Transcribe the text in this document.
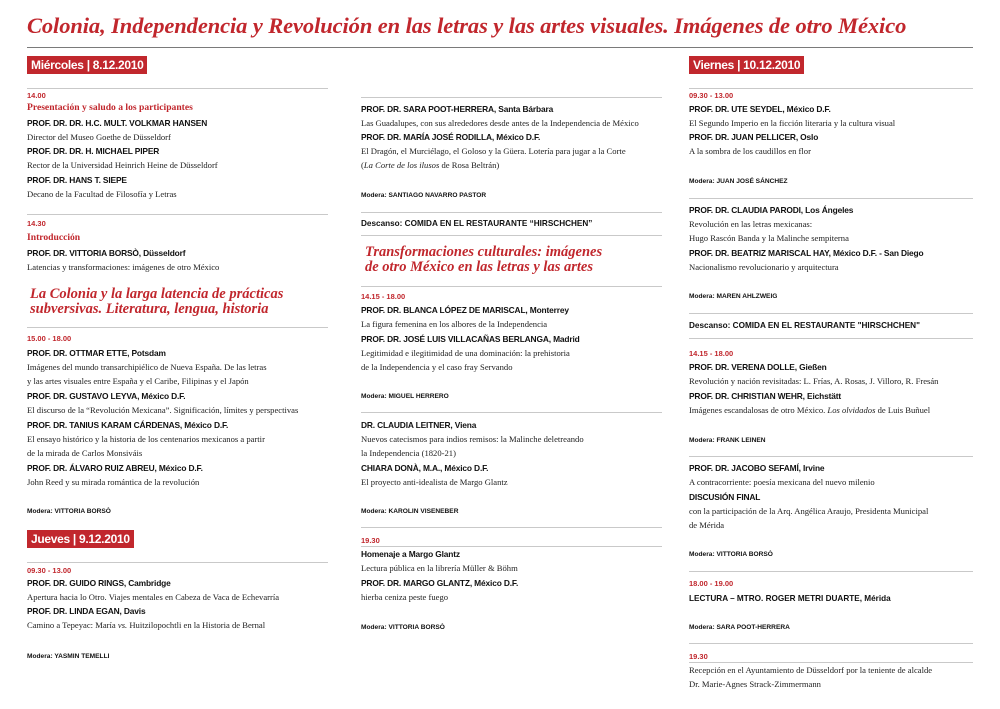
Colonia, Independencia y Revolución en las letras y las artes visuales. Imágenes de otro México
Miércoles | 8.12.2010
14.00
Presentación y saludo a los participantes
PROF. DR. DR. H.C. MULT. VOLKMAR HANSEN
Director del Museo Goethe de Düsseldorf
PROF. DR. DR. H. MICHAEL PIPER
Rector de la Universidad Heinrich Heine de Düsseldorf
PROF. DR. HANS T. SIEPE
Decano de la Facultad de Filosofía y Letras
14.30
Introducción
PROF. DR. VITTORIA BORSÒ, Düsseldorf
Latencias y transformaciones: imágenes de otro México
La Colonia y la larga latencia de prácticas
subversivas. Literatura, lengua, historia
15.00 - 18.00
PROF. DR. OTTMAR ETTE, Potsdam
Imágenes del mundo transarchipiélico de Nueva España. De las letras
y las artes visuales entre España y el Caribe, Filipinas y el Japón
PROF. DR. GUSTAVO LEYVA, México D.F.
El discurso de la “Revolución Mexicana”. Significación, límites y perspectivas
PROF. DR. TANIUS KARAM CÁRDENAS, México D.F.
El ensayo histórico y la historia de los centenarios mexicanos a partir
de la mirada de Carlos Monsiváis
PROF. DR. ÁLVARO RUIZ ABREU, México D.F.
John Reed y su mirada romántica de la revolución
Modera: VITTORIA BORSÒ
Jueves | 9.12.2010
09.30 - 13.00
PROF. DR. GUIDO RINGS, Cambridge
Apertura hacia lo Otro. Viajes mentales en Cabeza de Vaca de Echevarría
PROF. DR. LINDA EGAN, Davis
Camino a Tepeyac: María vs. Huitzilopochtli en la Historia de Bernal
Modera: YASMIN TEMELLI
PROF. DR. SARA POOT-HERRERA, Santa Bárbara
Las Guadalupes, con sus alrededores desde antes de la Independencia de México
PROF. DR. MARÍA JOSÉ RODILLA, México D.F.
El Dragón, el Murciélago, el Goloso y la Güera. Lotería para jugar a la Corte
(La Corte de los ilusos de Rosa Beltrán)
Modera: SANTIAGO NAVARRO PASTOR
Descanso: COMIDA EN EL RESTAURANTE “HIRSCHCHEN”
Transformaciones culturales: imágenes
de otro México en las letras y las artes
14.15 - 18.00
PROF. DR. BLANCA LÓPEZ DE MARISCAL, Monterrey
La figura femenina en los albores de la Independencia
PROF. DR. JOSÉ LUIS VILLACAÑAS BERLANGA, Madrid
Legitimidad e ilegitimidad de una dominación: la prehistoria
de la Independencia y el caso fray Servando
Modera: MIGUEL HERRERO
DR. CLAUDIA LEITNER, Viena
Nuevos catecismos para indios remisos: la Malinche deletreando
la Independencia (1820-21)
CHIARA DONÀ, M.A., México D.F.
El proyecto anti-idealista de Margo Glantz
Modera: KAROLIN VISENEBER
19.30
Homenaje a Margo Glantz
Lectura pública en la librería Müller & Böhm
PROF. DR. MARGO GLANTZ, México D.F.
hierba ceniza peste fuego
Modera: VITTORIA BORSÒ
Viernes | 10.12.2010
09.30 - 13.00
PROF. DR. UTE SEYDEL, México D.F.
El Segundo Imperio en la ficción literaria y la cultura visual
PROF. DR. JUAN PELLICER, Oslo
A la sombra de los caudillos en flor
Modera: JUAN JOSÉ SÁNCHEZ
PROF. DR. CLAUDIA PARODI, Los Ángeles
Revolución en las letras mexicanas:
Hugo Rascón Banda y la Malinche sempiterna
PROF. DR. BEATRIZ MARISCAL HAY, México D.F. - San Diego
Nacionalismo revolucionario y arquitectura
Modera: MAREN AHLZWEIG
Descanso: COMIDA EN EL RESTAURANTE "HIRSCHCHEN"
14.15 - 18.00
PROF. DR. VERENA DOLLE, Gießen
Revolución y nación revisitadas: L. Frías, A. Rosas, J. Villoro, R. Fresán
PROF. DR. CHRISTIAN WEHR, Eichstätt
Imágenes escandalosas de otro México. Los olvidados de Luis Buñuel
Modera: FRANK LEINEN
PROF. DR. JACOBO SEFAMÍ, Irvine
A contracorriente: poesía mexicana del nuevo milenio
DISCUSIÓN FINAL
con la participación de la Arq. Angélica Araujo, Presidenta Municipal
de Mérida
Modera: VITTORIA BORSÒ
18.00 - 19.00
LECTURA – MTRO. ROGER METRI DUARTE, Mérida
Modera: SARA POOT-HERRERA
19.30
Recepción en el Ayuntamiento de Düsseldorf por la teniente de alcalde
Dr. Marie-Agnes Strack-Zimmermann
